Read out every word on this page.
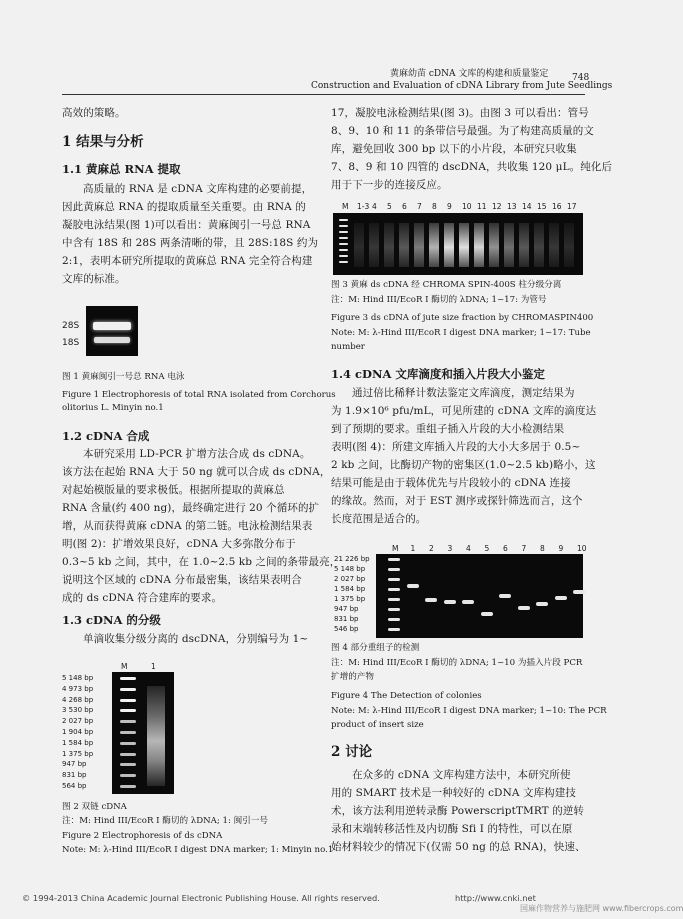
黄麻幼苗 cDNA 文库的构建和质量鉴定	748
Construction and Evaluation of cDNA Library from Jute Seedlings
高效的策略。
1 结果与分析
1.1 黄麻总 RNA 提取
高质量的 RNA 是 cDNA 文库构建的必要前提，
因此黄麻总 RNA 的提取质量至关重要。由 RNA 的
凝胶电泳结果(图 1)可以看出：黄麻闽引一号总 RNA
中含有 18S 和 28S 两条清晰的带，且 28S:18S 约为
2:1，表明本研究所提取的黄麻总 RNA 完全符合构建
文库的标准。
28S
18S
图 1 黄麻闽引一号总 RNA 电泳
Figure 1 Electrophoresis of total RNA isolated from Corchorus
olitorius L. Minyin no.1
1.2 cDNA 合成
本研究采用 LD-PCR 扩增方法合成 ds cDNA。
该方法在起始 RNA 大于 50 ng 就可以合成 ds cDNA，
对起始模版量的要求极低。根据所提取的黄麻总
RNA 含量(约 400 ng)，最终确定进行 20 个循环的扩
增，从而获得黄麻 cDNA 的第二链。电泳检测结果表
明(图 2)：扩增效果良好，cDNA 大多弥散分布于
0.3~5 kb 之间，其中，在 1.0~2.5 kb 之间的条带最亮，
说明这个区域的 cDNA 分布最密集，该结果表明合
成的 ds cDNA 符合建库的要求。
1.3 cDNA 的分级
单滴收集分级分离的 dscDNA，分别编号为 1~
M	1
5 148 bp
4 973 bp
4 268 bp
3 530 bp
2 027 bp
1 904 bp
1 584 bp
1 375 bp
947 bp
831 bp
564 bp
图 2 双链 cDNA
注：M: Hind III/EcoR I 酶切的 λDNA; 1: 闽引一号
Figure 2 Electrophoresis of ds cDNA
Note: M: λ-Hind III/EcoR I digest DNA marker; 1: Minyin no.1
17，凝胶电泳检测结果(图 3)。由图 3 可以看出：管号
8、9、10 和 11 的条带信号最强。为了构建高质量的文
库，避免回收 300 bp 以下的小片段，本研究只收集
7、8、9 和 10 四管的 dscDNA，共收集 120 μL。纯化后
用于下一步的连接反应。
M 1-3 4 5 6 7 8 9 10 11 12 13 14 15 16 17
图 3 黄麻 ds cDNA 经 CHROMA SPIN-400S 柱分级分离
注：M: Hind III/EcoR I 酶切的 λDNA; 1~17: 为管号
Figure 3 ds cDNA of jute size fraction by CHROMASPIN400
Note: M: λ-Hind III/EcoR I digest DNA marker; 1~17: Tube
number
1.4 cDNA 文库滴度和插入片段大小鉴定
通过倍比稀释计数法鉴定文库滴度，测定结果为
为 1.9×10⁶ pfu/mL，可见所建的 cDNA 文库的滴度达
到了预期的要求。重组子插入片段的大小检测结果
表明(图 4)：所建文库插入片段的大小大多居于 0.5~
2 kb 之间，比酶切产物的密集区(1.0~2.5 kb)略小，这
结果可能是由于载体优先与片段较小的 cDNA 连接
的缘故。然而，对于 EST 测序或探针筛选而言，这个
长度范围是适合的。
M 1 2 3 4 5 6 7 8 9 10
21 226 bp
5 148 bp
2 027 bp
1 584 bp
1 375 bp
947 bp
831 bp
546 bp
图 4 部分重组子的检测
注：M: Hind III/EcoR I 酶切的 λDNA; 1~10 为插入片段 PCR
扩增的产物
Figure 4 The Detection of colonies
Note: M: λ-Hind III/EcoR I digest DNA marker; 1~10: The PCR
product of insert size
2 讨论
在众多的 cDNA 文库构建方法中，本研究所使
用的 SMART 技术是一种较好的 cDNA 文库构建技
术，该方法利用逆转录酶 PowerscriptTMRT 的逆转
录和末端转移活性及内切酶 Sfi I 的特性，可以在原
始材料较少的情况下(仅需 50 ng 的总 RNA)，快速、
© 1994-2013 China Academic Journal Electronic Publishing House. All rights reserved.	http://www.cnki.net
国麻作物营养与施肥网 www.fibercrops.com
